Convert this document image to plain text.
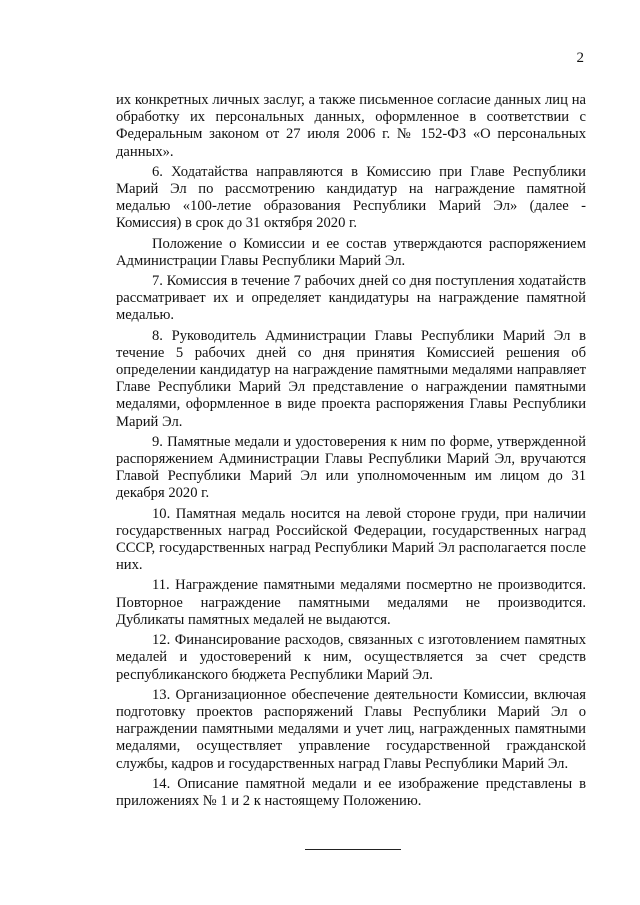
2

их конкретных личных заслуг, а также письменное согласие данных лиц на обработку их персональных данных, оформленное в соответствии с Федеральным законом от 27 июля 2006 г. № 152-ФЗ «О персональных данных».

6. Ходатайства направляются в Комиссию при Главе Республики Марий Эл по рассмотрению кандидатур на награждение памятной медалью «100-летие образования Республики Марий Эл» (далее - Комиссия) в срок до 31 октября 2020 г.

Положение о Комиссии и ее состав утверждаются распоряжением Администрации Главы Республики Марий Эл.

7. Комиссия в течение 7 рабочих дней со дня поступления ходатайств рассматривает их и определяет кандидатуры на награждение памятной медалью.

8. Руководитель Администрации Главы Республики Марий Эл в течение 5 рабочих дней со дня принятия Комиссией решения об определении кандидатур на награждение памятными медалями направляет Главе Республики Марий Эл представление о награждении памятными медалями, оформленное в виде проекта распоряжения Главы Республики Марий Эл.

9. Памятные медали и удостоверения к ним по форме, утвержденной распоряжением Администрации Главы Республики Марий Эл, вручаются Главой Республики Марий Эл или уполномоченным им лицом до 31 декабря 2020 г.

10. Памятная медаль носится на левой стороне груди, при наличии государственных наград Российской Федерации, государственных наград СССР, государственных наград Республики Марий Эл располагается после них.

11. Награждение памятными медалями посмертно не производится. Повторное награждение памятными медалями не производится. Дубликаты памятных медалей не выдаются.

12. Финансирование расходов, связанных с изготовлением памятных медалей и удостоверений к ним, осуществляется за счет средств республиканского бюджета Республики Марий Эл.

13. Организационное обеспечение деятельности Комиссии, включая подготовку проектов распоряжений Главы Республики Марий Эл о награждении памятными медалями и учет лиц, награжденных памятными медалями, осуществляет управление государственной гражданской службы, кадров и государственных наград Главы Республики Марий Эл.

14. Описание памятной медали и ее изображение представлены в приложениях № 1 и 2 к настоящему Положению.
